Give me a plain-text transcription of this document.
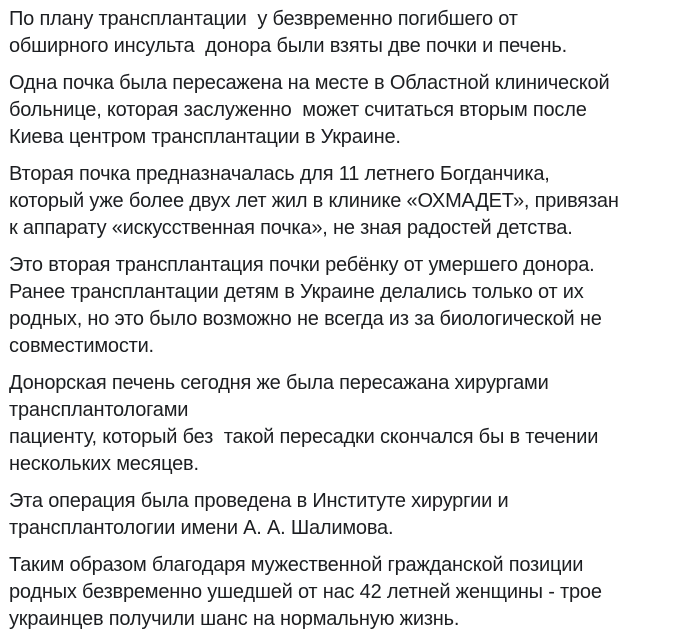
По плану трансплантации  у безвременно погибшего от
обширного инсульта  донора были взяты две почки и печень.
Одна почка была пересажена на месте в Областной клинической
больнице, которая заслуженно  может считаться вторым после
Киева центром трансплантации в Украине.
Вторая почка предназначалась для 11 летнего Богданчика,
который уже более двух лет жил в клинике «ОХМАДЕТ», привязан
к аппарату «искусственная почка», не зная радостей детства.
Это вторая трансплантация почки ребёнку от умершего донора.
Ранее трансплантации детям в Украине делались только от их
родных, но это было возможно не всегда из за биологической не
совместимости.
Донорская печень сегодня же была пересажана хирургами
трансплантологами
пациенту, который без  такой пересадки скончался бы в течении
нескольких месяцев.
Эта операция была проведена в Институте хирургии и
трансплантологии имени А. А. Шалимова.
Таким образом благодаря мужественной гражданской позиции
родных безвременно ушедшей от нас 42 летней женщины - трое
украинцев получили шанс на нормальную жизнь.
